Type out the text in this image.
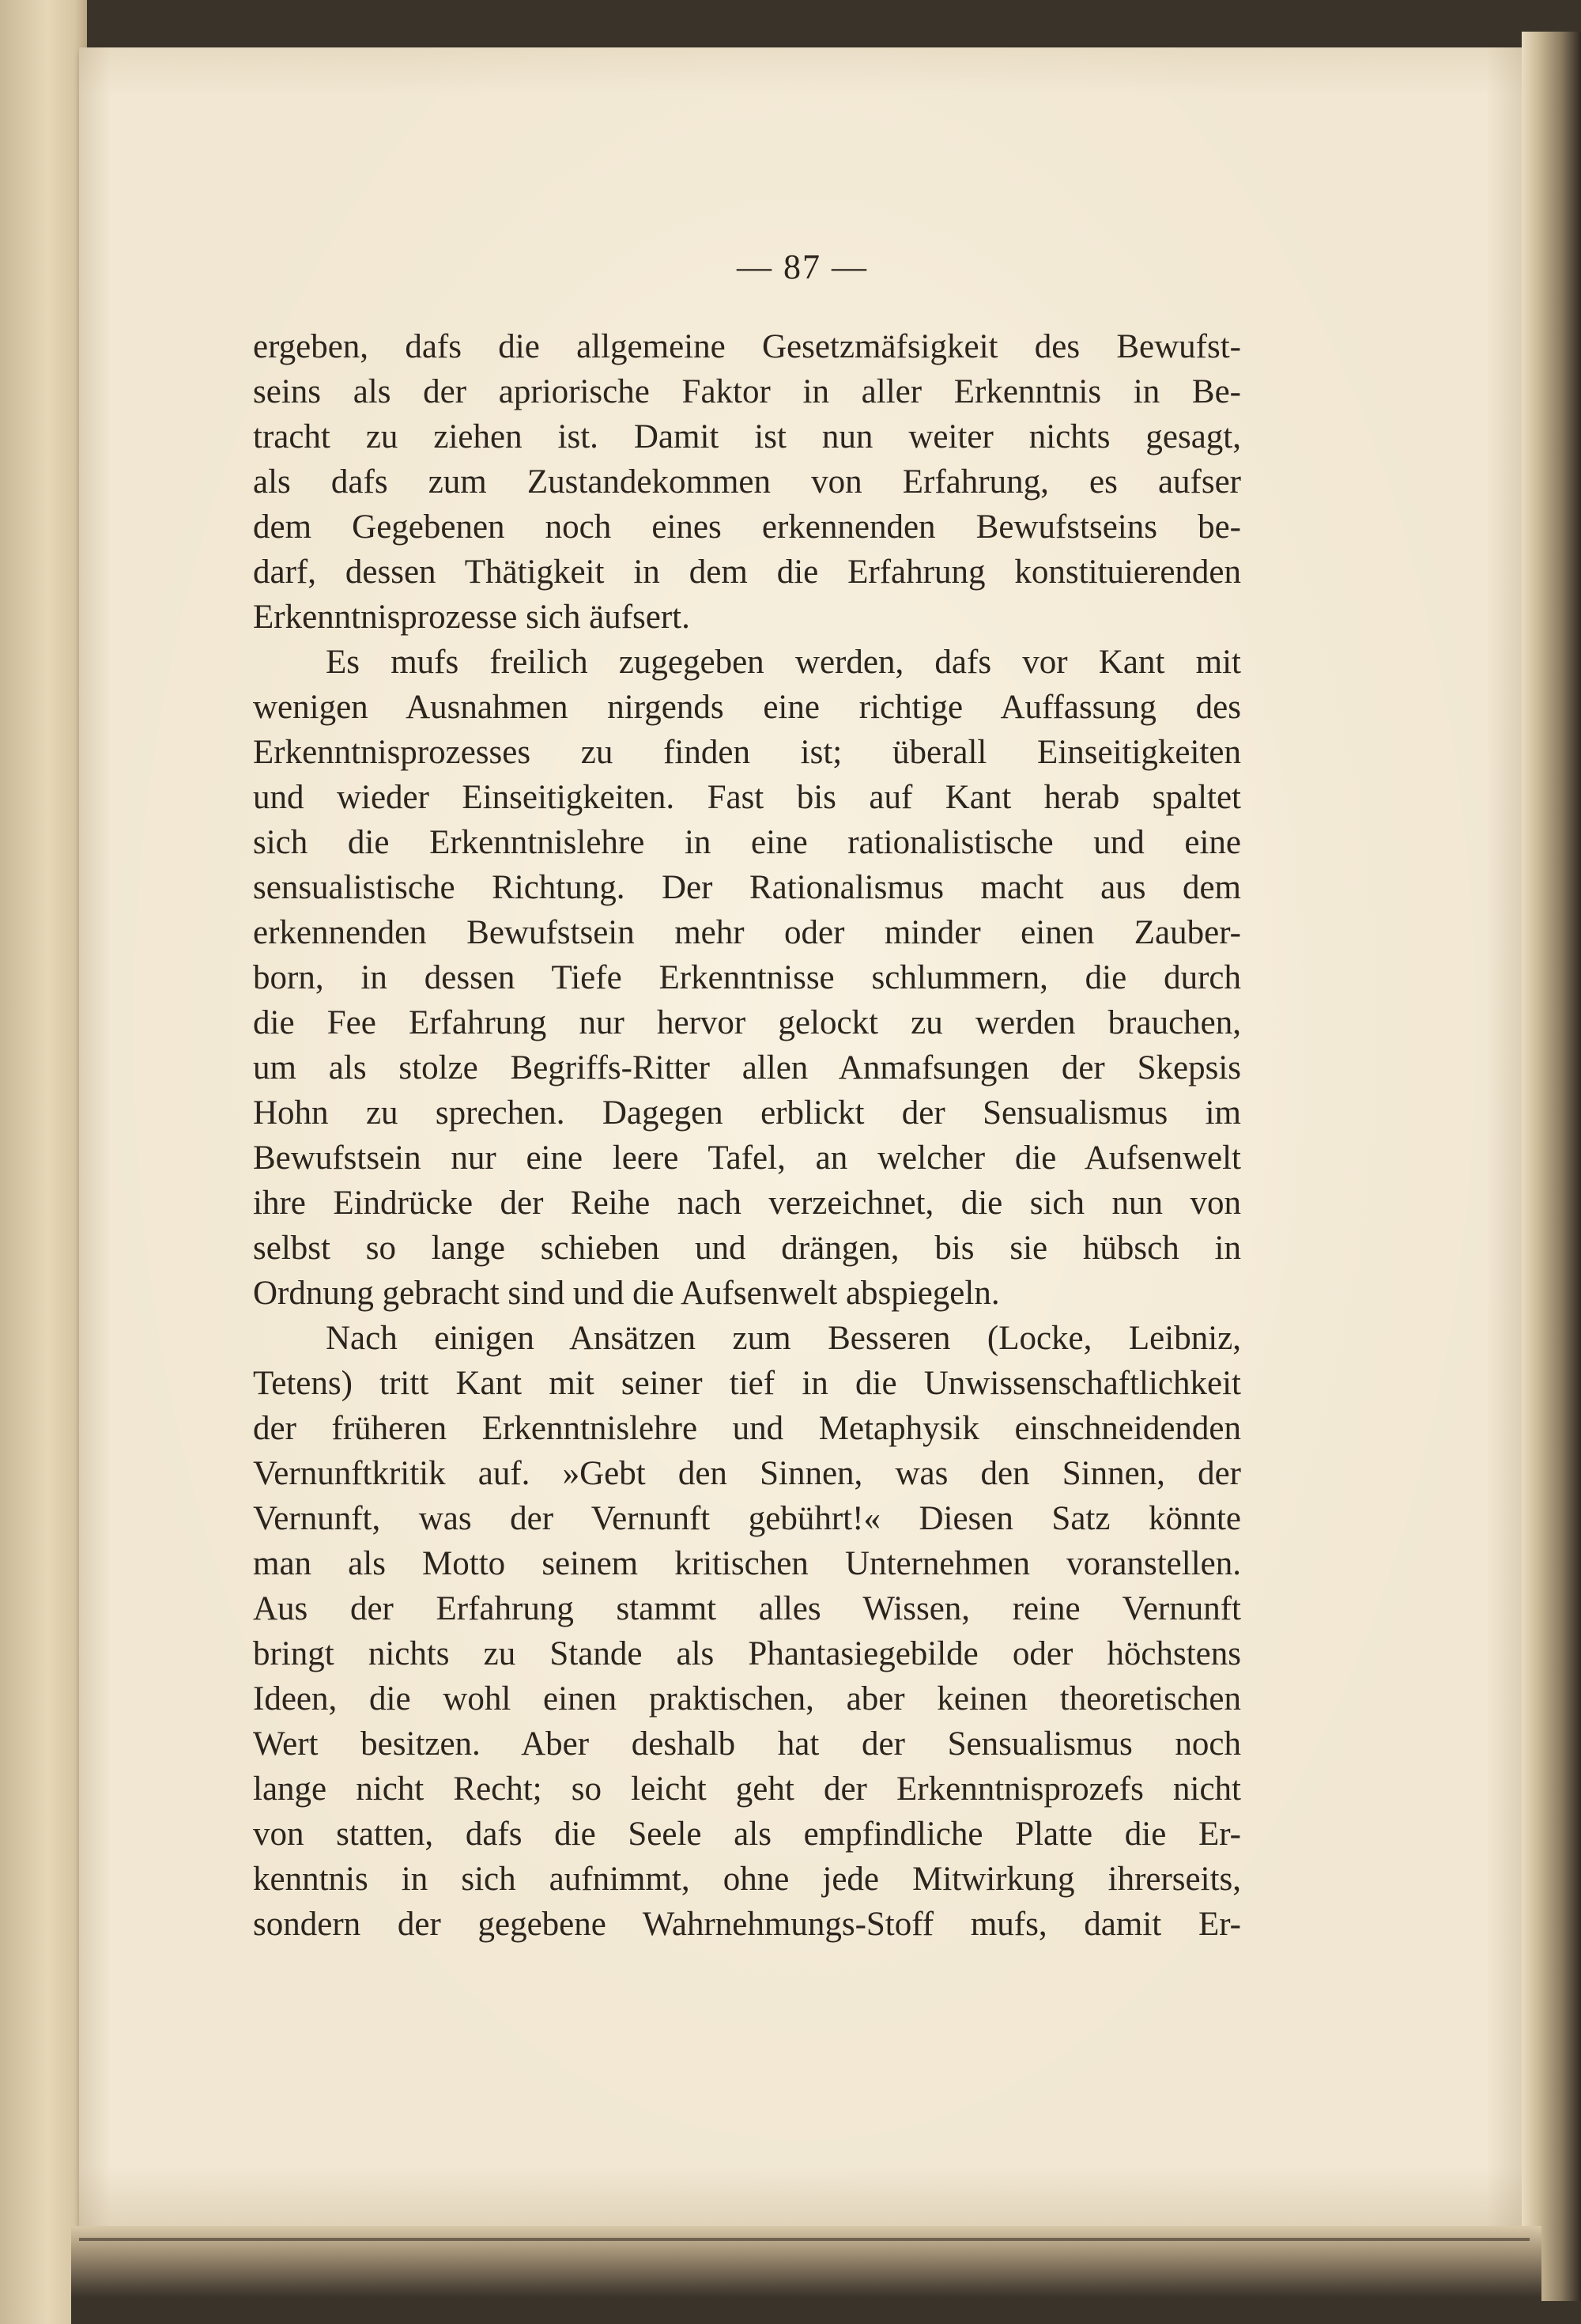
— 87 —
ergeben, dafs die allgemeine Gesetzmäfsigkeit des Bewufst-
seins als der apriorische Faktor in aller Erkenntnis in Be-
tracht zu ziehen ist. Damit ist nun weiter nichts gesagt,
als dafs zum Zustandekommen von Erfahrung, es aufser
dem Gegebenen noch eines erkennenden Bewufstseins be-
darf, dessen Thätigkeit in dem die Erfahrung konstituierenden
Erkenntnisprozesse sich äufsert.
Es mufs freilich zugegeben werden, dafs vor Kant mit
wenigen Ausnahmen nirgends eine richtige Auffassung des
Erkenntnisprozesses zu finden ist; überall Einseitigkeiten
und wieder Einseitigkeiten. Fast bis auf Kant herab spaltet
sich die Erkenntnislehre in eine rationalistische und eine
sensualistische Richtung. Der Rationalismus macht aus dem
erkennenden Bewufstsein mehr oder minder einen Zauber-
born, in dessen Tiefe Erkenntnisse schlummern, die durch
die Fee Erfahrung nur hervor gelockt zu werden brauchen,
um als stolze Begriffs-Ritter allen Anmafsungen der Skepsis
Hohn zu sprechen. Dagegen erblickt der Sensualismus im
Bewufstsein nur eine leere Tafel, an welcher die Aufsenwelt
ihre Eindrücke der Reihe nach verzeichnet, die sich nun von
selbst so lange schieben und drängen, bis sie hübsch in
Ordnung gebracht sind und die Aufsenwelt abspiegeln.
Nach einigen Ansätzen zum Besseren (Locke, Leibniz,
Tetens) tritt Kant mit seiner tief in die Unwissenschaftlichkeit
der früheren Erkenntnislehre und Metaphysik einschneidenden
Vernunftkritik auf. »Gebt den Sinnen, was den Sinnen, der
Vernunft, was der Vernunft gebührt!« Diesen Satz könnte
man als Motto seinem kritischen Unternehmen voranstellen.
Aus der Erfahrung stammt alles Wissen, reine Vernunft
bringt nichts zu Stande als Phantasiegebilde oder höchstens
Ideen, die wohl einen praktischen, aber keinen theoretischen
Wert besitzen. Aber deshalb hat der Sensualismus noch
lange nicht Recht; so leicht geht der Erkenntnisprozefs nicht
von statten, dafs die Seele als empfindliche Platte die Er-
kenntnis in sich aufnimmt, ohne jede Mitwirkung ihrerseits,
sondern der gegebene Wahrnehmungs-Stoff mufs, damit Er-
